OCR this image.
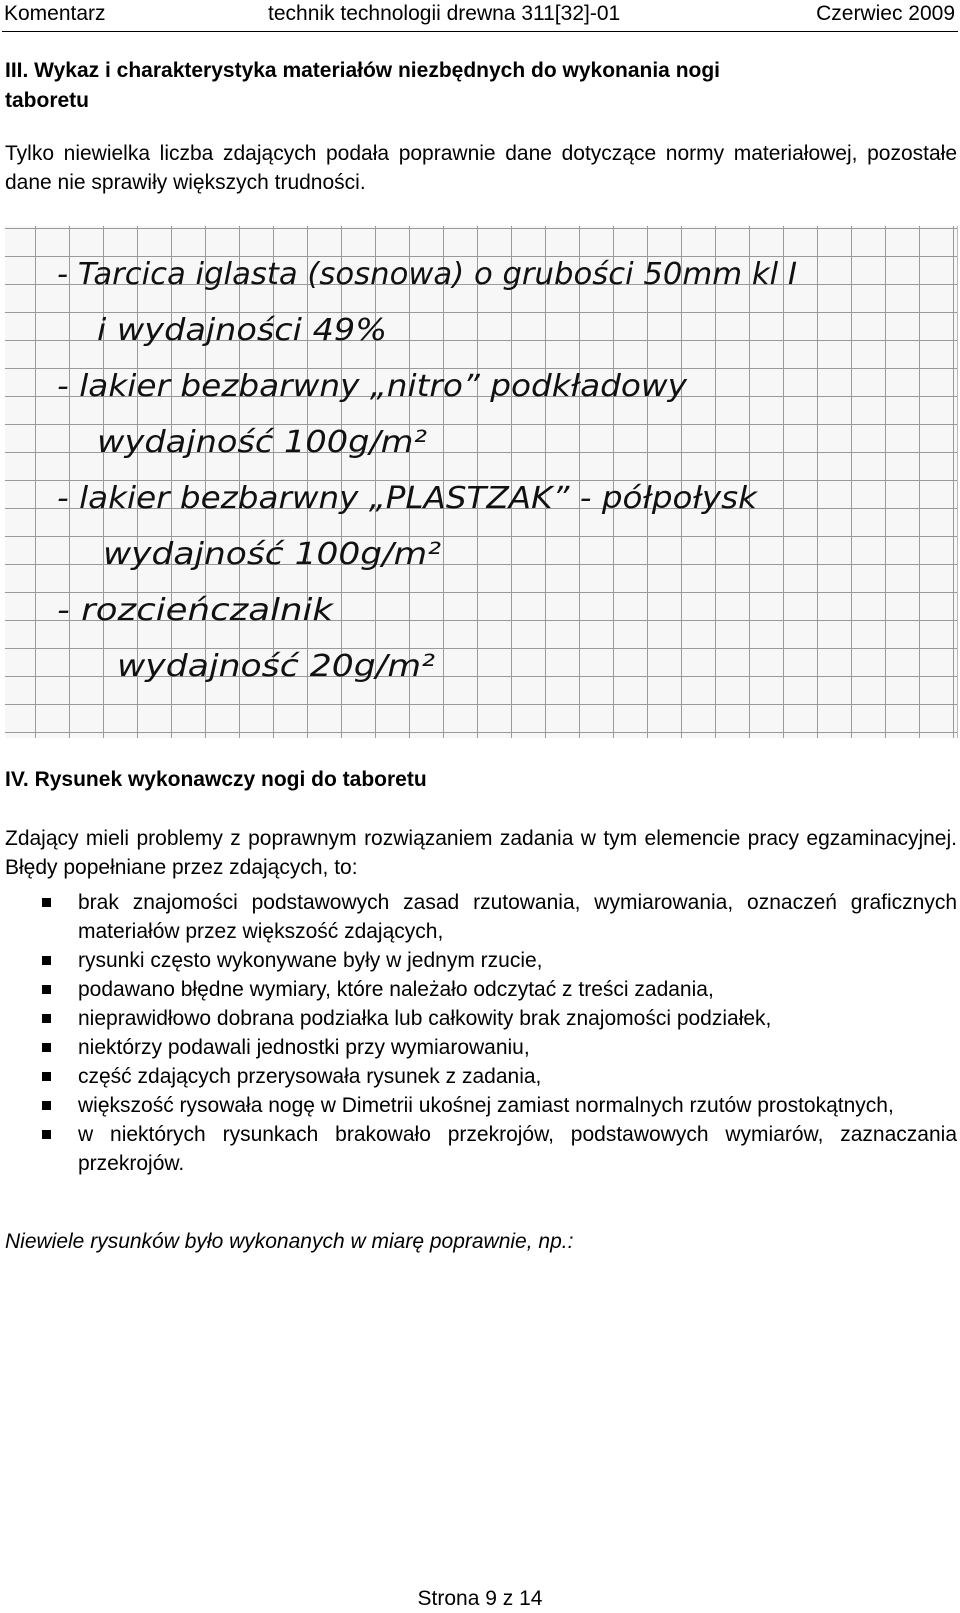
Komentarz	technik technologii drewna 311[32]-01	Czerwiec 2009
III. Wykaz i charakterystyka materiałów niezbędnych do wykonania nogi
taboretu
Tylko niewielka liczba zdających podała poprawnie dane dotyczące normy materiałowej, pozostałe dane nie sprawiły większych trudności.
- Tarcica iglasta (sosnowa) o grubości 50mm kl I
i wydajności 49%
- lakier bezbarwny „nitro” podkładowy
wydajność 100g/m²
- lakier bezbarwny „PLASTZAK” - półpołysk
wydajność 100g/m²
- rozcieńczalnik
wydajność 20g/m²
IV. Rysunek wykonawczy nogi do taboretu
Zdający mieli problemy z poprawnym rozwiązaniem zadania w tym elemencie pracy egzaminacyjnej. Błędy popełniane przez zdających, to:
brak znajomości podstawowych zasad rzutowania, wymiarowania, oznaczeń graficznych materiałów przez większość zdających,
rysunki często wykonywane były w jednym rzucie,
podawano błędne wymiary, które należało odczytać z treści zadania,
nieprawidłowo dobrana podziałka lub całkowity brak znajomości podziałek,
niektórzy podawali jednostki przy wymiarowaniu,
część zdających przerysowała rysunek z zadania,
większość rysowała nogę w Dimetrii ukośnej zamiast normalnych rzutów prostokątnych,
w niektórych rysunkach brakowało przekrojów, podstawowych wymiarów, zaznaczania przekrojów.
Niewiele rysunków było wykonanych w miarę poprawnie, np.:
Strona 9 z 14
